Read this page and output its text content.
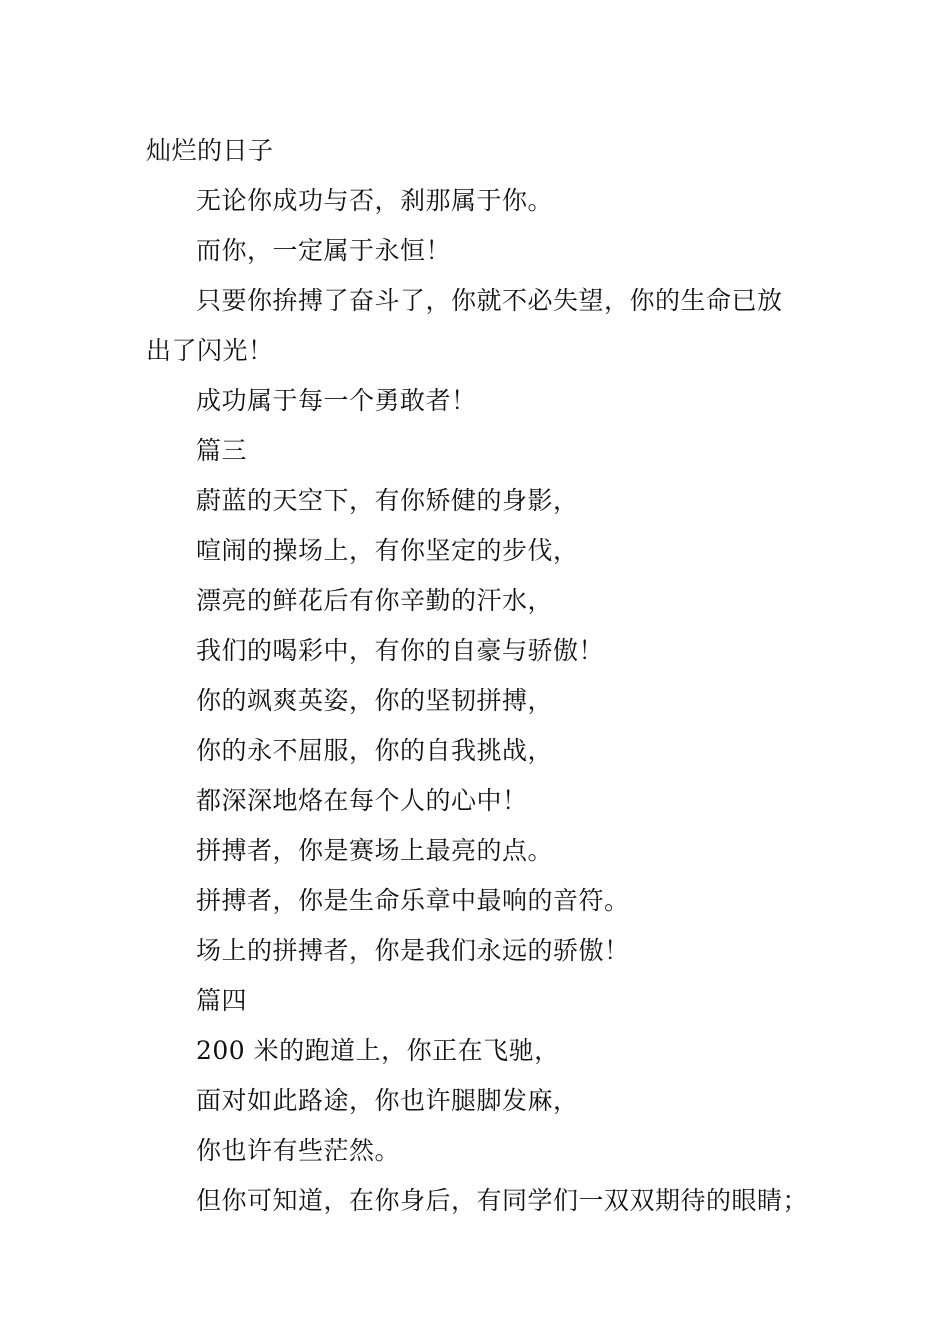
灿烂的日子
无论你成功与否，刹那属于你。
而你，一定属于永恒！
只要你拚搏了奋斗了，你就不必失望，你的生命已放
出了闪光！
成功属于每一个勇敢者！
篇三
蔚蓝的天空下，有你矫健的身影，
喧闹的操场上，有你坚定的步伐，
漂亮的鲜花后有你辛勤的汗水，
我们的喝彩中，有你的自豪与骄傲！
你的飒爽英姿，你的坚韧拼搏，
你的永不屈服，你的自我挑战，
都深深地烙在每个人的心中！
拼搏者，你是赛场上最亮的点。
拼搏者，你是生命乐章中最响的音符。
场上的拼搏者，你是我们永远的骄傲！
篇四
200 米的跑道上，你正在飞驰，
面对如此路途，你也许腿脚发麻，
你也许有些茫然。
但你可知道，在你身后，有同学们一双双期待的眼睛；
